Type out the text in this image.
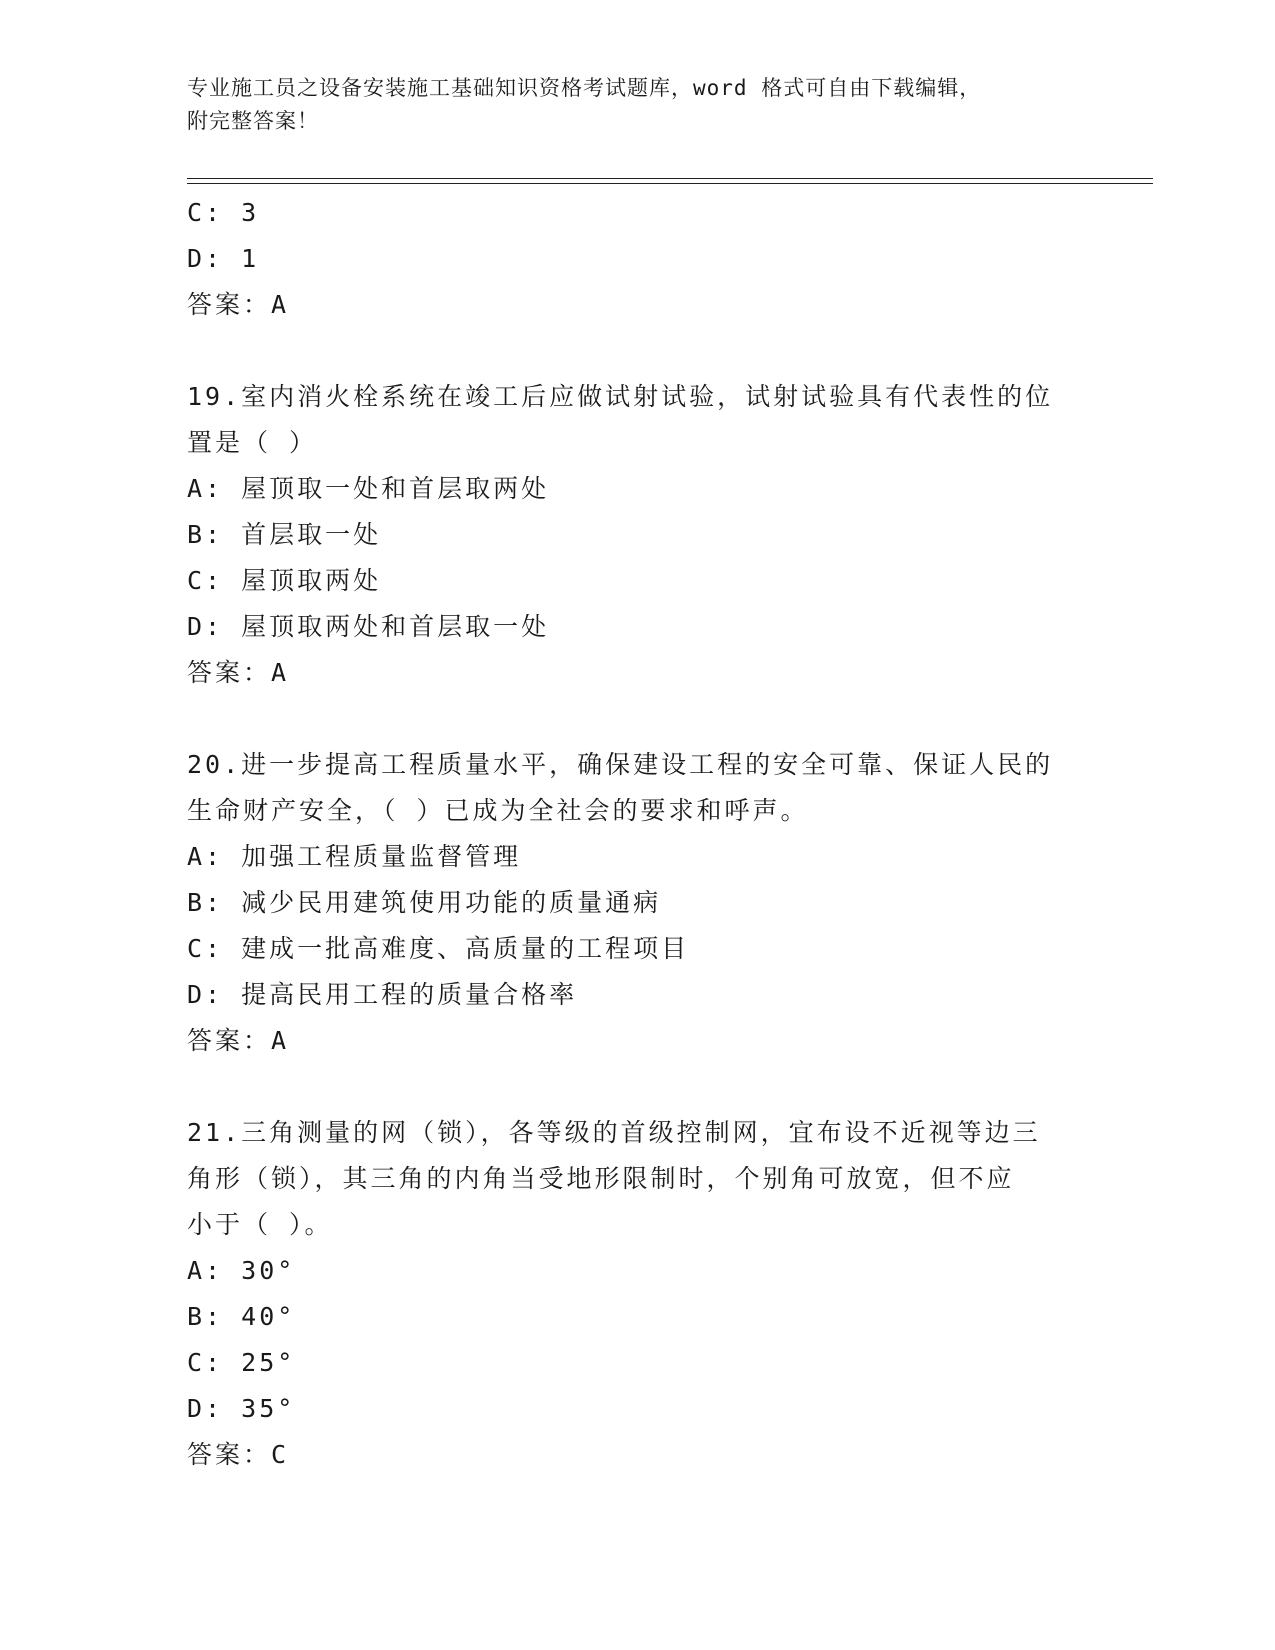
专业施工员之设备安装施工基础知识资格考试题库，word 格式可自由下载编辑，
附完整答案！
C: 3
D: 1
答案：A
19.室内消火栓系统在竣工后应做试射试验，试射试验具有代表性的位
置是（ ）
A: 屋顶取一处和首层取两处
B: 首层取一处
C: 屋顶取两处
D: 屋顶取两处和首层取一处
答案：A
20.进一步提高工程质量水平，确保建设工程的安全可靠、保证人民的
生命财产安全，（ ）已成为全社会的要求和呼声。
A: 加强工程质量监督管理
B: 减少民用建筑使用功能的质量通病
C: 建成一批高难度、高质量的工程项目
D: 提高民用工程的质量合格率
答案：A
21.三角测量的网（锁），各等级的首级控制网，宜布设不近视等边三
角形（锁），其三角的内角当受地形限制时，个别角可放宽，但不应
小于（ ）。
A: 30°
B: 40°
C: 25°
D: 35°
答案：C
